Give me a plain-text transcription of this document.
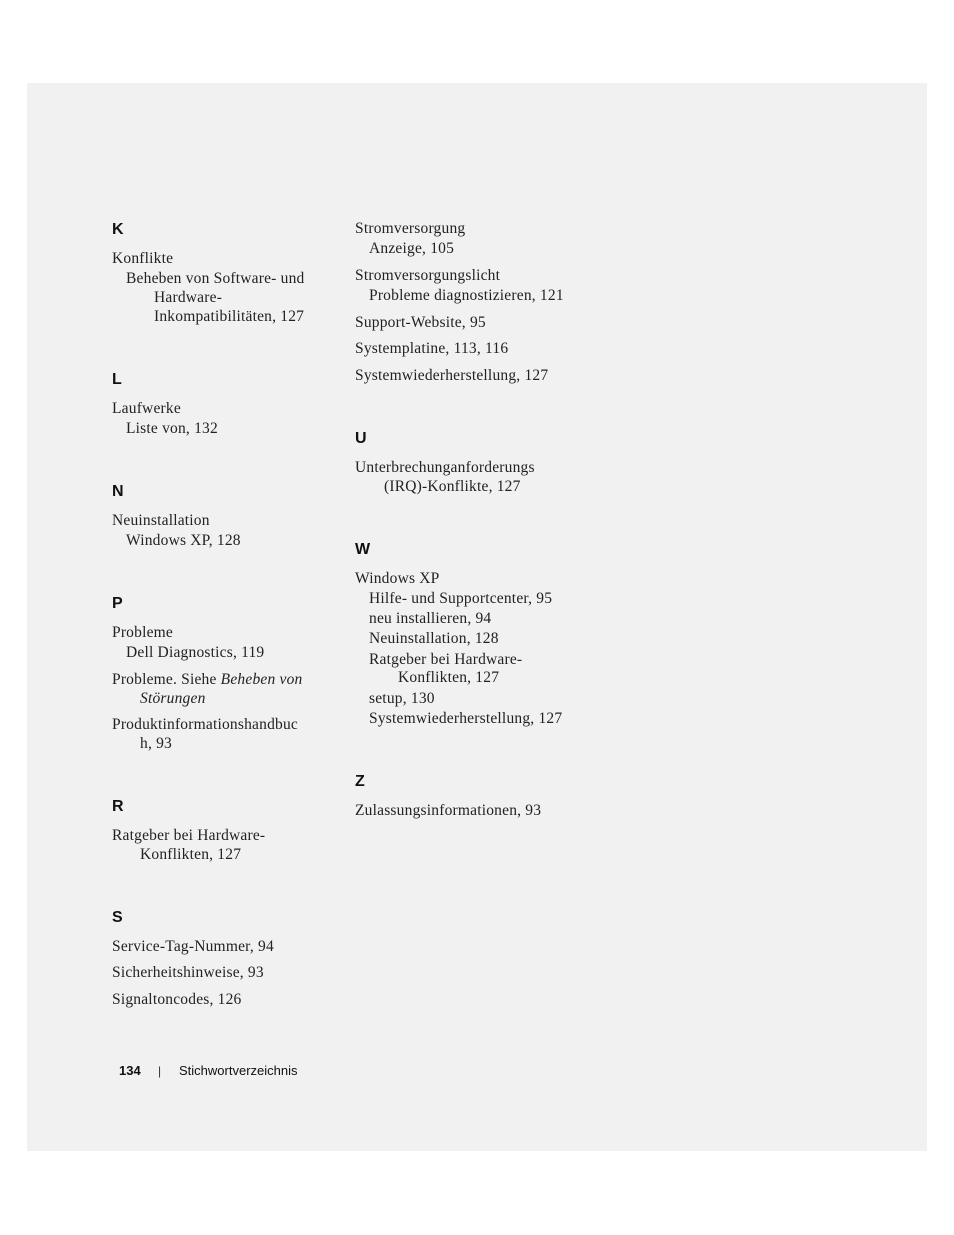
K
Konflikte
Beheben von Software- und
Hardware-
Inkompatibilitäten, 127
L
Laufwerke
Liste von, 132
N
Neuinstallation
Windows XP, 128
P
Probleme
Dell Diagnostics, 119
Probleme. Siehe Beheben von
Störungen
Produktinformationshandbuc
h, 93
R
Ratgeber bei Hardware-
Konflikten, 127
S
Service-Tag-Nummer, 94
Sicherheitshinweise, 93
Signaltoncodes, 126
Stromversorgung
Anzeige, 105
Stromversorgungslicht
Probleme diagnostizieren, 121
Support-Website, 95
Systemplatine, 113, 116
Systemwiederherstellung, 127
U
Unterbrechunganforderungs
(IRQ)-Konflikte, 127
W
Windows XP
Hilfe- und Supportcenter, 95
neu installieren, 94
Neuinstallation, 128
Ratgeber bei Hardware-
Konflikten, 127
setup, 130
Systemwiederherstellung, 127
Z
Zulassungsinformationen, 93
134 | Stichwortverzeichnis
